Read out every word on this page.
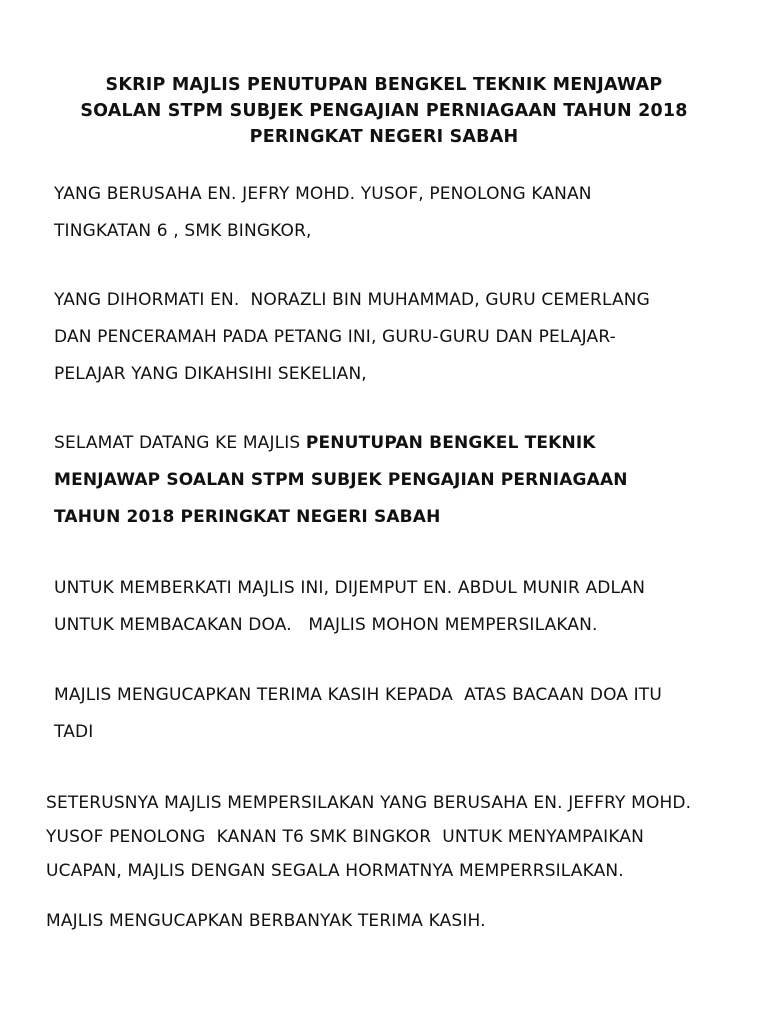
SKRIP MAJLIS PENUTUPAN BENGKEL TEKNIK MENJAWAP
SOALAN STPM SUBJEK PENGAJIAN PERNIAGAAN TAHUN 2018
PERINGKAT NEGERI SABAH
YANG BERUSAHA EN. JEFRY MOHD. YUSOF, PENOLONG KANAN
TINGKATAN 6 , SMK BINGKOR,
YANG DIHORMATI EN.  NORAZLI BIN MUHAMMAD, GURU CEMERLANG
DAN PENCERAMAH PADA PETANG INI, GURU-GURU DAN PELAJAR-
PELAJAR YANG DIKAHSIHI SEKELIAN,
SELAMAT DATANG KE MAJLIS PENUTUPAN BENGKEL TEKNIK
MENJAWAP SOALAN STPM SUBJEK PENGAJIAN PERNIAGAAN
TAHUN 2018 PERINGKAT NEGERI SABAH
UNTUK MEMBERKATI MAJLIS INI, DIJEMPUT EN. ABDUL MUNIR ADLAN
UNTUK MEMBACAKAN DOA.   MAJLIS MOHON MEMPERSILAKAN.
MAJLIS MENGUCAPKAN TERIMA KASIH KEPADA  ATAS BACAAN DOA ITU
TADI
SETERUSNYA MAJLIS MEMPERSILAKAN YANG BERUSAHA EN. JEFFRY MOHD.
YUSOF PENOLONG  KANAN T6 SMK BINGKOR  UNTUK MENYAMPAIKAN
UCAPAN, MAJLIS DENGAN SEGALA HORMATNYA MEMPERRSILAKAN.
MAJLIS MENGUCAPKAN BERBANYAK TERIMA KASIH.
